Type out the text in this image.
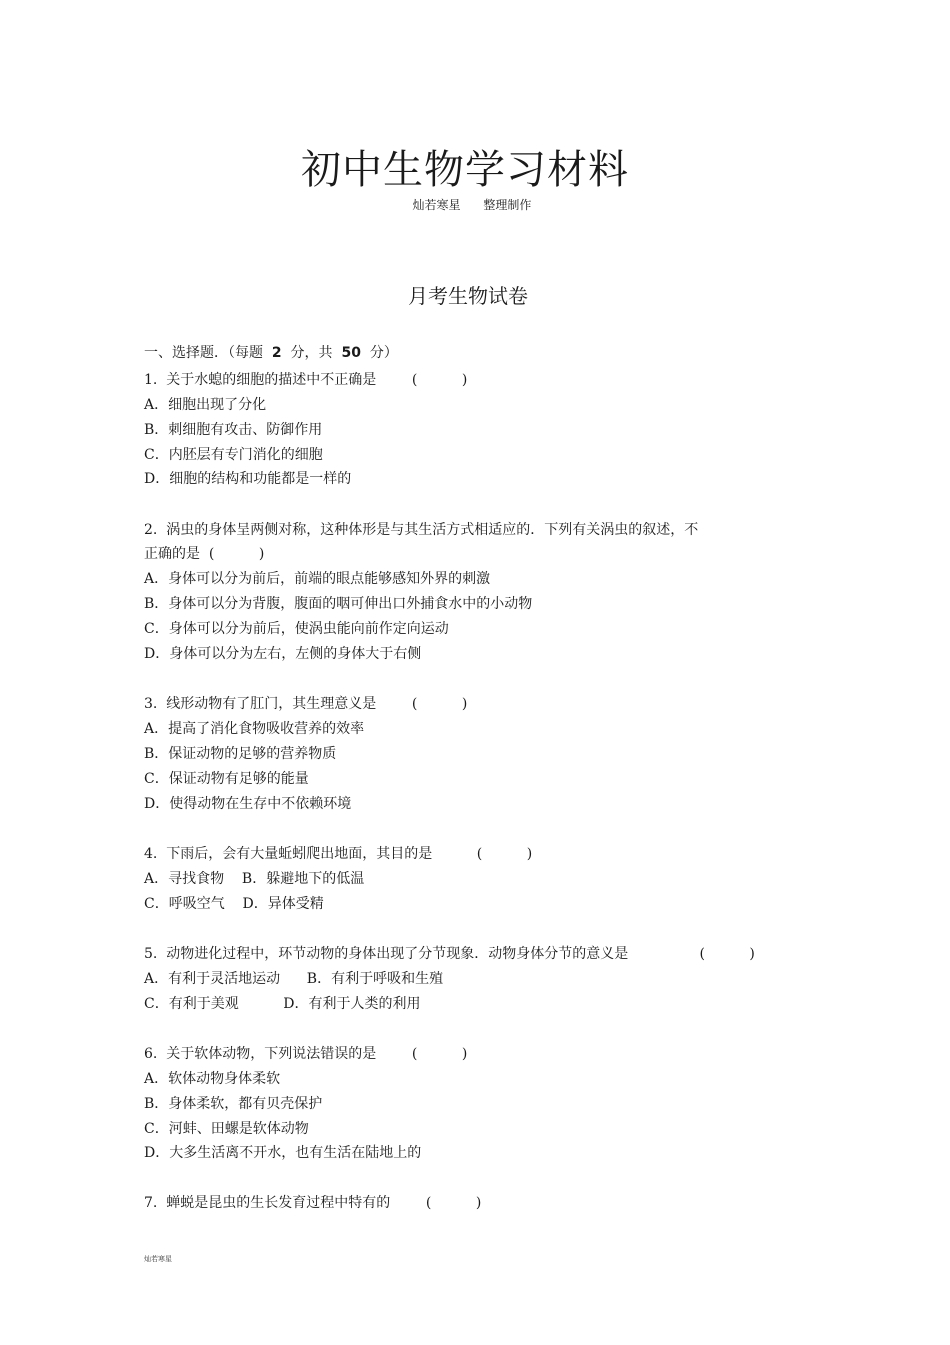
初中生物学习材料
灿若寒星      整理制作
月考生物试卷
一、选择题．（每题  2  分，共  50  分）
1.  关于水螅的细胞的描述中不正确是        (          )
A．细胞出现了分化
B．刺细胞有攻击、防御作用
C．内胚层有专门消化的细胞
D．细胞的结构和功能都是一样的
2.  涡虫的身体呈两侧对称，这种体形是与其生活方式相适应的．下列有关涡虫的叙述，不
正确的是  (          )
A．身体可以分为前后，前端的眼点能够感知外界的刺激
B．身体可以分为背腹，腹面的咽可伸出口外捕食水中的小动物
C．身体可以分为前后，使涡虫能向前作定向运动
D．身体可以分为左右，左侧的身体大于右侧
3.  线形动物有了肛门，其生理意义是        (          )
A．提高了消化食物吸收营养的效率
B．保证动物的足够的营养物质
C．保证动物有足够的能量
D．使得动物在生存中不依赖环境
4.  下雨后，会有大量蚯蚓爬出地面，其目的是          (          )
A．寻找食物    B．躲避地下的低温
C．呼吸空气    D．异体受精
5.  动物进化过程中，环节动物的身体出现了分节现象．动物身体分节的意义是                (          )
A．有利于灵活地运动      B．有利于呼吸和生殖
C．有利于美观          D．有利于人类的利用
6.  关于软体动物，下列说法错误的是        (          )
A．软体动物身体柔软
B．身体柔软，都有贝壳保护
C．河蚌、田螺是软体动物
D．大多生活离不开水，也有生活在陆地上的
7.  蝉蜕是昆虫的生长发育过程中特有的        (          )
灿若寒星
